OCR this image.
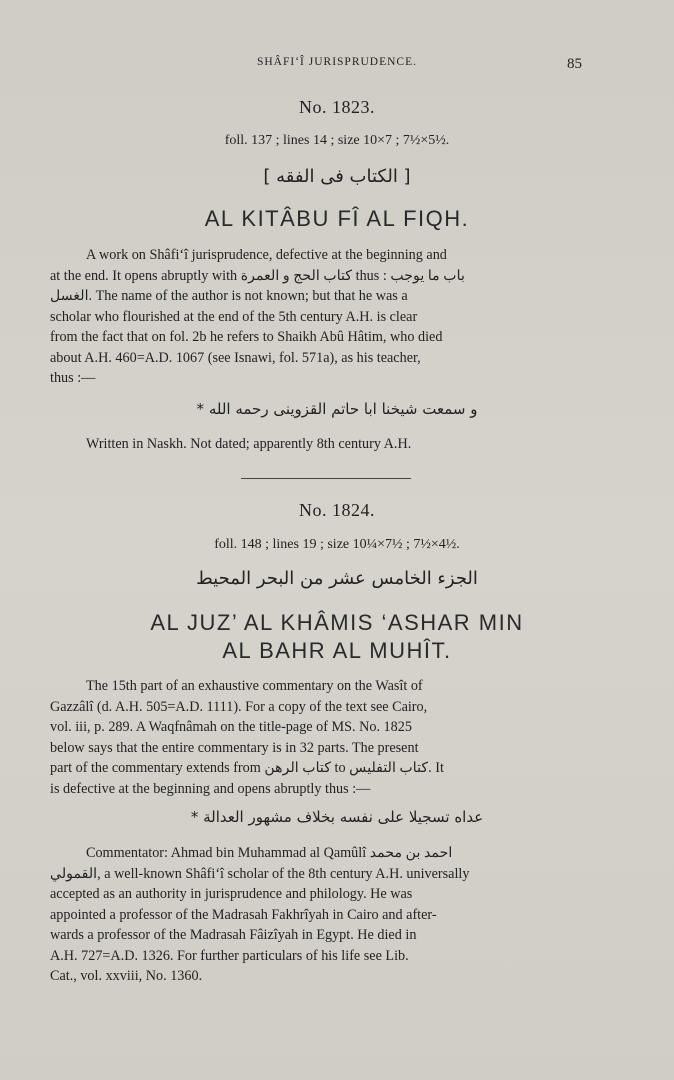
SHÂFI‘Î JURISPRUDENCE.	85
No. 1823.
foll. 137 ; lines 14 ; size 10×7 ; 7½×5½.
[ الكتاب فى الفقه ]
AL KITÂBU FÎ AL FIQH.
A work on Shâfi‘î jurisprudence, defective at the beginning and
at the end. It opens abruptly with كتاب الحج و العمرة thus : باب ما يوجب
الغسل. The name of the author is not known; but that he was a
scholar who flourished at the end of the 5th century A.H. is clear
from the fact that on fol. 2b he refers to Shaikh Abû Hâtim, who died
about A.H. 460=A.D. 1067 (see Isnawi, fol. 571a), as his teacher,
thus :—
و سمعت شيخنا ابا حاتم القزوينى رحمه الله *
Written in Naskh. Not dated; apparently 8th century A.H.
No. 1824.
foll. 148 ; lines 19 ; size 10¼×7½ ; 7½×4½.
الجزء الخامس عشر من البحر المحيط
AL JUZ’ AL KHÂMIS ‘ASHAR MIN
AL BAHR AL MUHÎT.
The 15th part of an exhaustive commentary on the Wasît of
Gazzâlî (d. A.H. 505=A.D. 1111). For a copy of the text see Cairo,
vol. iii, p. 289. A Waqfnâmah on the title-page of MS. No. 1825
below says that the entire commentary is in 32 parts. The present
part of the commentary extends from كتاب الرهن to كتاب التفليس. It
is defective at the beginning and opens abruptly thus :—
عداه تسجيلا على نفسه بخلاف مشهور العدالة *
Commentator: Ahmad bin Muhammad al Qamûlî احمد بن محمد
القمولي, a well-known Shâfi‘î scholar of the 8th century A.H. universally
accepted as an authority in jurisprudence and philology. He was
appointed a professor of the Madrasah Fakhrîyah in Cairo and after-
wards a professor of the Madrasah Fâizîyah in Egypt. He died in
A.H. 727=A.D. 1326. For further particulars of his life see Lib.
Cat., vol. xxviii, No. 1360.
